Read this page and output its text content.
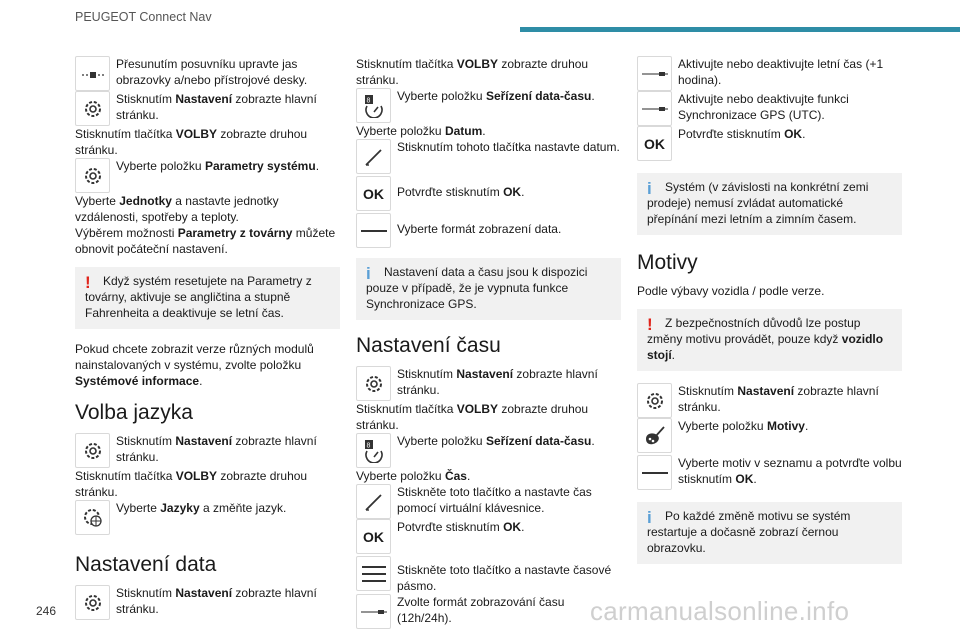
PEUGEOT Connect Nav
Přesunutím posuvníku upravte jas obrazovky a/nebo přístrojové desky.
Stisknutím Nastavení zobrazte hlavní stránku.

Stisknutím tlačítka VOLBY zobrazte druhou stránku.

Vyberte položku Parametry systému.

Vyberte Jednotky a nastavte jednotky vzdálenosti, spotřeby a teploty.

Výběrem možnosti Parametry z továrny můžete obnovit počáteční nastavení.

! Když systém resetujete na Parametry z továrny, aktivuje se angličtina a stupně Fahrenheita a deaktivuje se letní čas.

Pokud chcete zobrazit verze různých modulů nainstalovaných v systému, zvolte položku Systémové informace.

Volba jazyka
Stisknutím Nastavení zobrazte hlavní stránku.

Stisknutím tlačítka VOLBY zobrazte druhou stránku.

Vyberte Jazyky a změňte jazyk.
Nastavení data
Stisknutím Nastavení zobrazte hlavní stránku.

Stisknutím tlačítka VOLBY zobrazte druhou stránku.

8 Vyberte položku Seřízení data-času.

Vyberte položku Datum.

Stisknutím tohoto tlačítka nastavte datum.
OK	Potvrďte stisknutím OK.
Vyberte formát zobrazení data.
i Nastavení data a času jsou k dispozici pouze v případě, že je vypnuta funkce Synchronizace GPS.
Nastavení času
Stisknutím Nastavení zobrazte hlavní stránku.

Stisknutím tlačítka VOLBY zobrazte druhou stránku.

8 Vyberte položku Seřízení data-času.

Vyberte položku Čas.

Stiskněte toto tlačítko a nastavte čas pomocí virtuální klávesnice.
OK
Potvrďte stisknutím OK.
Stiskněte toto tlačítko a nastavte časové pásmo.
Zvolte formát zobrazování času (12h/24h).
Aktivujte nebo deaktivujte letní čas (+1 hodina).
Aktivujte nebo deaktivujte funkci Synchronizace GPS (UTC).
OK
Potvrďte stisknutím OK.
i Systém (v závislosti na konkrétní zemi prodeje) nemusí zvládat automatické přepínání mezi letním a zimním časem.
Motivy

Podle výbavy vozidla / podle verze.

! Z bezpečnostních důvodů lze postup změny motivu provádět, pouze když vozidlo stojí.
Stisknutím Nastavení zobrazte hlavní stránku.
Vyberte položku Motivy.
Vyberte motiv v seznamu a potvrďte volbu stisknutím OK.
i Po každé změně motivu se systém restartuje a dočasně zobrazí černou obrazovku.
246	carmanualsonline.info
